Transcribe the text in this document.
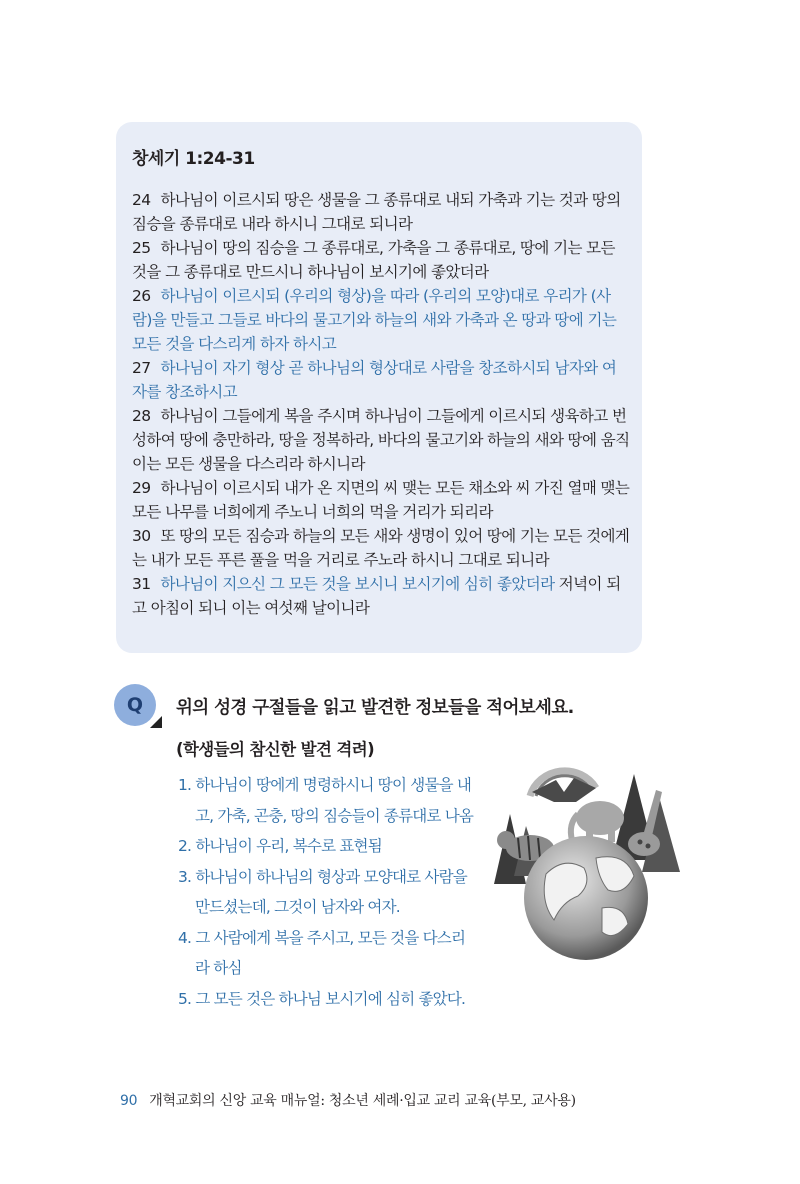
창세기 1:24-31

24 하나님이 이르시되 땅은 생물을 그 종류대로 내되 가축과 기는 것과 땅의 짐승을 종류대로 내라 하시니 그대로 되니라

25 하나님이 땅의 짐승을 그 종류대로, 가축을 그 종류대로, 땅에 기는 모든 것을 그 종류대로 만드시니 하나님이 보시기에 좋았더라

26 하나님이 이르시되 (우리의 형상)을 따라 (우리의 모양)대로 우리가 (사람)을 만들고 그들로 바다의 물고기와 하늘의 새와 가축과 온 땅과 땅에 기는 모든 것을 다스리게 하자 하시고

27 하나님이 자기 형상 곧 하나님의 형상대로 사람을 창조하시되 남자와 여자를 창조하시고

28 하나님이 그들에게 복을 주시며 하나님이 그들에게 이르시되 생육하고 번성하여 땅에 충만하라, 땅을 정복하라, 바다의 물고기와 하늘의 새와 땅에 움직이는 모든 생물을 다스리라 하시니라

29 하나님이 이르시되 내가 온 지면의 씨 맺는 모든 채소와 씨 가진 열매 맺는 모든 나무를 너희에게 주노니 너희의 먹을 거리가 되리라

30 또 땅의 모든 짐승과 하늘의 모든 새와 생명이 있어 땅에 기는 모든 것에게는 내가 모든 푸른 풀을 먹을 거리로 주노라 하시니 그대로 되니라

31 하나님이 지으신 그 모든 것을 보시니 보시기에 심히 좋았더라 저녁이 되고 아침이 되니 이는 여섯째 날이니라

Q	위의 성경 구절들을 읽고 발견한 정보들을 적어보세요.

(학생들의 참신한 발견 격려)

1. 하나님이 땅에게 명령하시니 땅이 생물을 내고, 가축, 곤충, 땅의 짐승들이 종류대로 나옴
2. 하나님이 우리, 복수로 표현됨
3. 하나님이 하나님의 형상과 모양대로 사람을 만드셨는데, 그것이 남자와 여자.
4. 그 사람에게 복을 주시고, 모든 것을 다스리라 하심
5. 그 모든 것은 하나님 보시기에 심히 좋았다.

90 개혁교회의 신앙 교육 매뉴얼: 청소년 세례·입교 교리 교육(부모, 교사용)
